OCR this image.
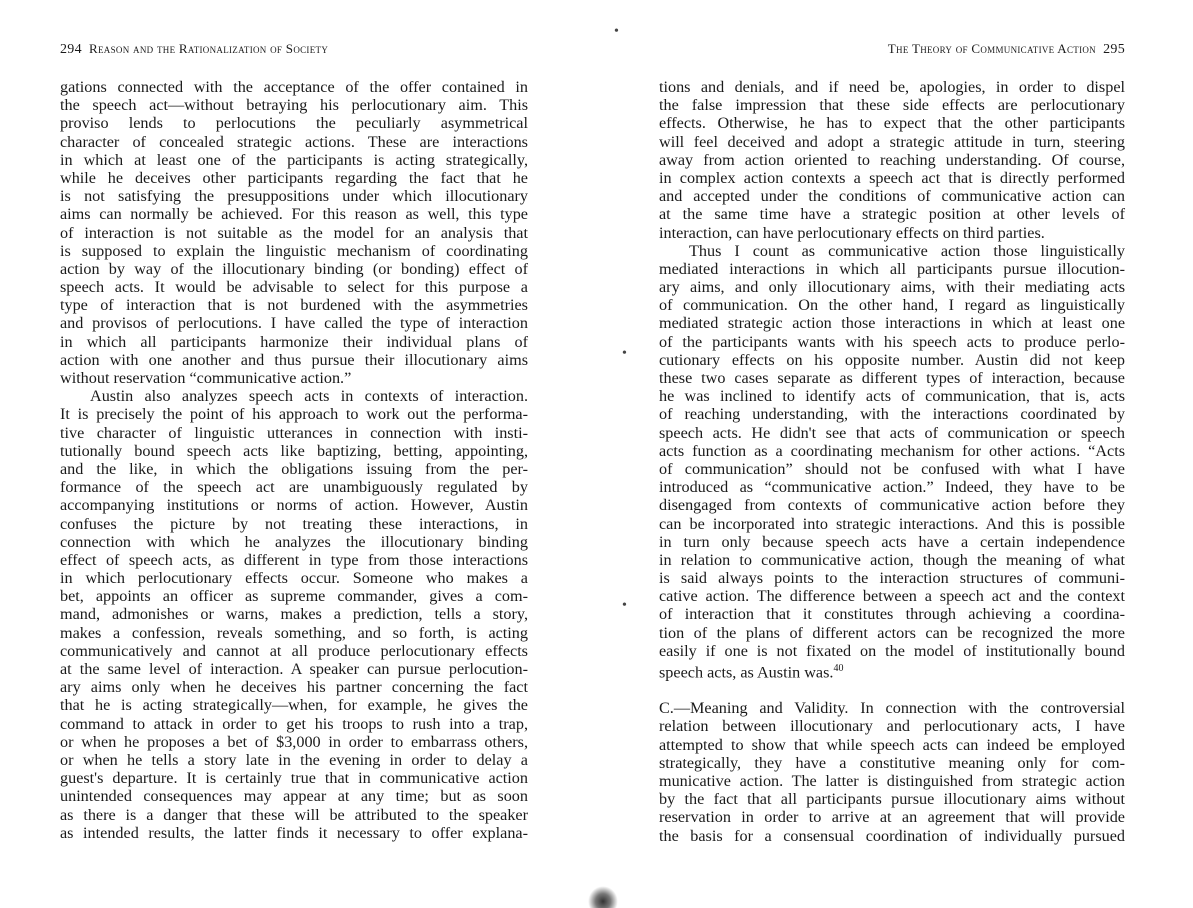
294 Reason and the Rationalization of Society
gations connected with the acceptance of the offer contained in
the speech act—without betraying his perlocutionary aim. This
proviso lends to perlocutions the peculiarly asymmetrical
character of concealed strategic actions. These are interactions
in which at least one of the participants is acting strategically,
while he deceives other participants regarding the fact that he
is not satisfying the presuppositions under which illocutionary
aims can normally be achieved. For this reason as well, this type
of interaction is not suitable as the model for an analysis that
is supposed to explain the linguistic mechanism of coordinating
action by way of the illocutionary binding (or bonding) effect of
speech acts. It would be advisable to select for this purpose a
type of interaction that is not burdened with the asymmetries
and provisos of perlocutions. I have called the type of interaction
in which all participants harmonize their individual plans of
action with one another and thus pursue their illocutionary aims
without reservation “communicative action.”
Austin also analyzes speech acts in contexts of interaction.
It is precisely the point of his approach to work out the performa-
tive character of linguistic utterances in connection with insti-
tutionally bound speech acts like baptizing, betting, appointing,
and the like, in which the obligations issuing from the per-
formance of the speech act are unambiguously regulated by
accompanying institutions or norms of action. However, Austin
confuses the picture by not treating these interactions, in
connection with which he analyzes the illocutionary binding
effect of speech acts, as different in type from those interactions
in which perlocutionary effects occur. Someone who makes a
bet, appoints an officer as supreme commander, gives a com-
mand, admonishes or warns, makes a prediction, tells a story,
makes a confession, reveals something, and so forth, is acting
communicatively and cannot at all produce perlocutionary effects
at the same level of interaction. A speaker can pursue perlocution-
ary aims only when he deceives his partner concerning the fact
that he is acting strategically—when, for example, he gives the
command to attack in order to get his troops to rush into a trap,
or when he proposes a bet of $3,000 in order to embarrass others,
or when he tells a story late in the evening in order to delay a
guest's departure. It is certainly true that in communicative action
unintended consequences may appear at any time; but as soon
as there is a danger that these will be attributed to the speaker
as intended results, the latter finds it necessary to offer explana-
The Theory of Communicative Action 295
tions and denials, and if need be, apologies, in order to dispel
the false impression that these side effects are perlocutionary
effects. Otherwise, he has to expect that the other participants
will feel deceived and adopt a strategic attitude in turn, steering
away from action oriented to reaching understanding. Of course,
in complex action contexts a speech act that is directly performed
and accepted under the conditions of communicative action can
at the same time have a strategic position at other levels of
interaction, can have perlocutionary effects on third parties.
Thus I count as communicative action those linguistically
mediated interactions in which all participants pursue illocution-
ary aims, and only illocutionary aims, with their mediating acts
of communication. On the other hand, I regard as linguistically
mediated strategic action those interactions in which at least one
of the participants wants with his speech acts to produce perlo-
cutionary effects on his opposite number. Austin did not keep
these two cases separate as different types of interaction, because
he was inclined to identify acts of communication, that is, acts
of reaching understanding, with the interactions coordinated by
speech acts. He didn't see that acts of communication or speech
acts function as a coordinating mechanism for other actions. “Acts
of communication” should not be confused with what I have
introduced as “communicative action.” Indeed, they have to be
disengaged from contexts of communicative action before they
can be incorporated into strategic interactions. And this is possible
in turn only because speech acts have a certain independence
in relation to communicative action, though the meaning of what
is said always points to the interaction structures of communi-
cative action. The difference between a speech act and the context
of interaction that it constitutes through achieving a coordina-
tion of the plans of different actors can be recognized the more
easily if one is not fixated on the model of institutionally bound
speech acts, as Austin was.$^{40}$
C.—Meaning and Validity. In connection with the controversial
relation between illocutionary and perlocutionary acts, I have
attempted to show that while speech acts can indeed be employed
strategically, they have a constitutive meaning only for com-
municative action. The latter is distinguished from strategic action
by the fact that all participants pursue illocutionary aims without
reservation in order to arrive at an agreement that will provide
the basis for a consensual coordination of individually pursued
•
•
•
